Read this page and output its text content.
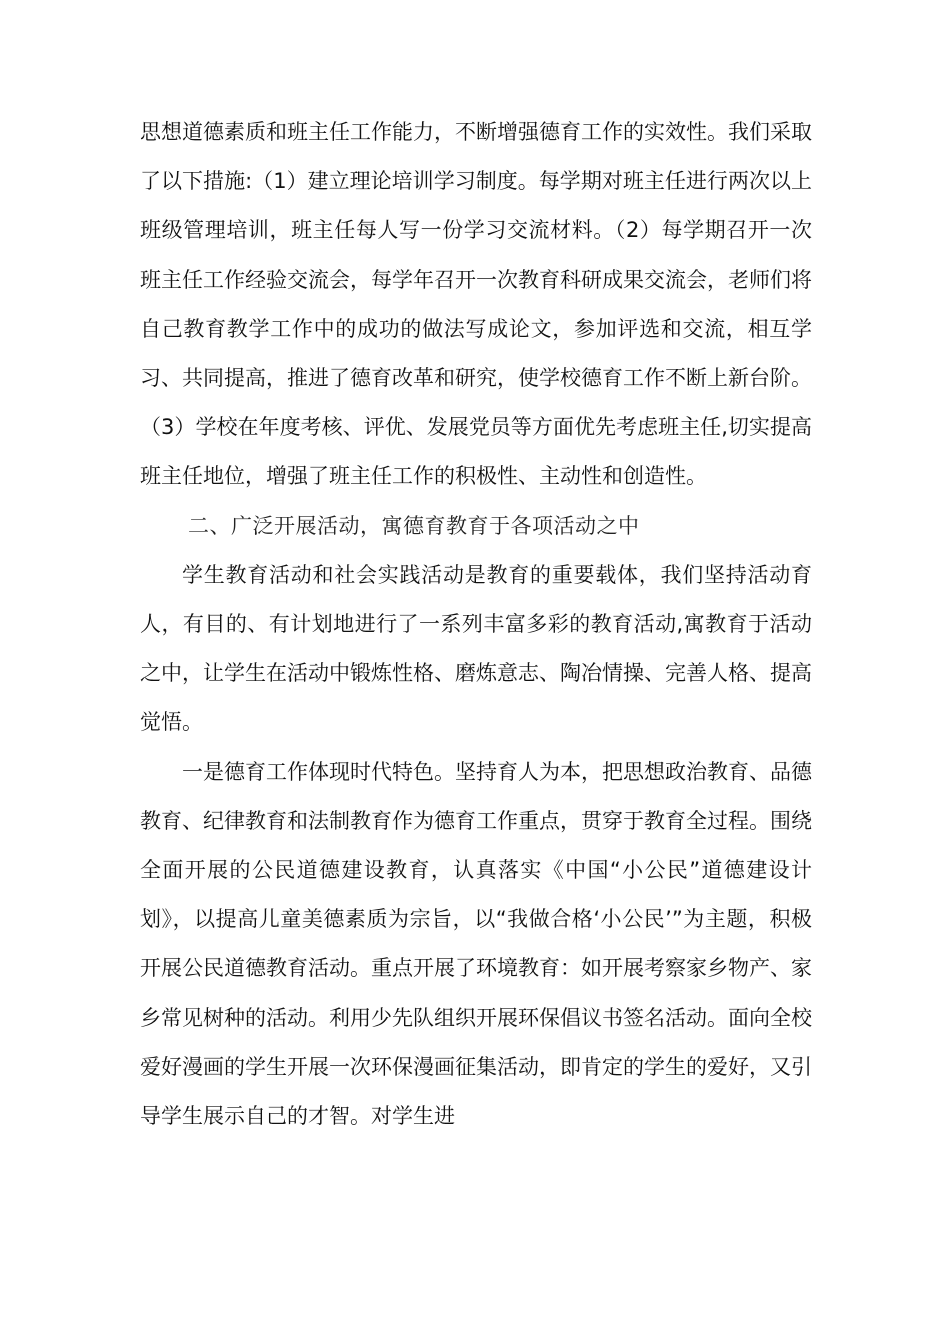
思想道德素质和班主任工作能力，不断增强德育工作的实效性。我们采取了以下措施:（1）建立理论培训学习制度。每学期对班主任进行两次以上班级管理培训，班主任每人写一份学习交流材料。（2）每学期召开一次班主任工作经验交流会，每学年召开一次教育科研成果交流会，老师们将自己教育教学工作中的成功的做法写成论文，参加评选和交流，相互学习、共同提高，推进了德育改革和研究，使学校德育工作不断上新台阶。（3）学校在年度考核、评优、发展党员等方面优先考虑班主任,切实提高班主任地位，增强了班主任工作的积极性、主动性和创造性。

二、广泛开展活动，寓德育教育于各项活动之中

学生教育活动和社会实践活动是教育的重要载体，我们坚持活动育人，有目的、有计划地进行了一系列丰富多彩的教育活动,寓教育于活动之中，让学生在活动中锻炼性格、磨炼意志、陶冶情操、完善人格、提高觉悟。

一是德育工作体现时代特色。坚持育人为本，把思想政治教育、品德教育、纪律教育和法制教育作为德育工作重点，贯穿于教育全过程。围绕全面开展的公民道德建设教育，认真落实《中国“小公民”道德建设计划》，以提高儿童美德素质为宗旨，以“我做合格‘小公民’”为主题，积极开展公民道德教育活动。重点开展了环境教育：如开展考察家乡物产、家乡常见树种的活动。利用少先队组织开展环保倡议书签名活动。面向全校爱好漫画的学生开展一次环保漫画征集活动，即肯定的学生的爱好，又引导学生展示自己的才智。对学生进
